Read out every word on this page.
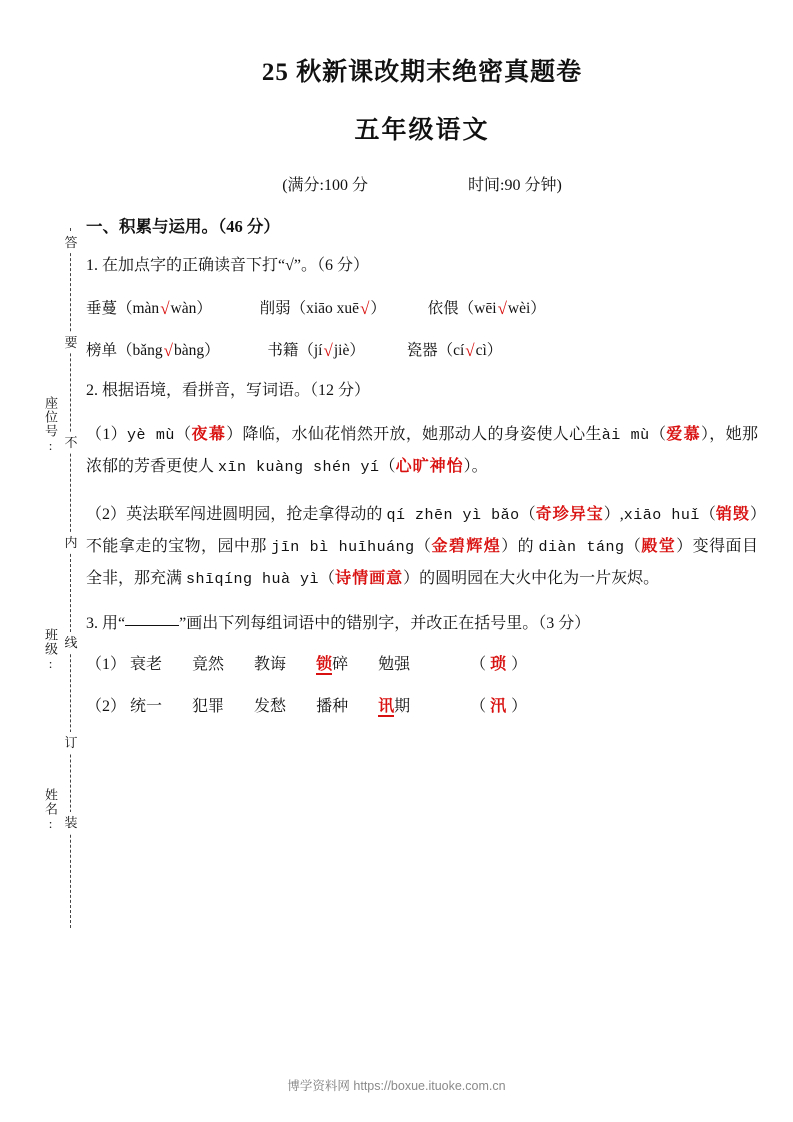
答
要
不
内
线
订
装
座位号:
班级:
姓名:
25 秋新课改期末绝密真题卷
五年级语文
(满分:100 分	时间:90 分钟)
一、积累与运用。（46 分）
1. 在加点字的正确读音下打“√”。（6 分）
垂蔓（màn√wàn）	削弱（xiāo xuē√）	依偎（wēi√wèi）
榜单（bǎng√bàng）	书籍（jí√jiè）	瓷器（cí√cì）
2. 根据语境，看拼音，写词语。（12 分）
（1）yè mù（夜幕）降临，水仙花悄然开放，她那动人的身姿使人心生ài mù（爱慕），她那浓郁的芳香更使人 xīn kuàng shén yí（心旷神怡）。
（2）英法联军闯进圆明园，抢走拿得动的 qí zhēn yì bǎo（奇珍异宝）,xiāo huǐ（销毁）不能拿走的宝物，园中那 jīn bì huīhuáng（金碧辉煌）的 diàn táng（殿堂）变得面目全非，那充满 shīqíng huà yì（诗情画意）的圆明园在大火中化为一片灰烬。
3. 用“	”画出下列每组词语中的错别字，并改正在括号里。（3 分）
（1） 衰老 竟然 教诲 锁碎 勉强	（ 琐 ）
（2） 统一 犯罪 发愁 播种 讯期	（ 汛 ）
博学资料网 https://boxue.ituoke.com.cn
